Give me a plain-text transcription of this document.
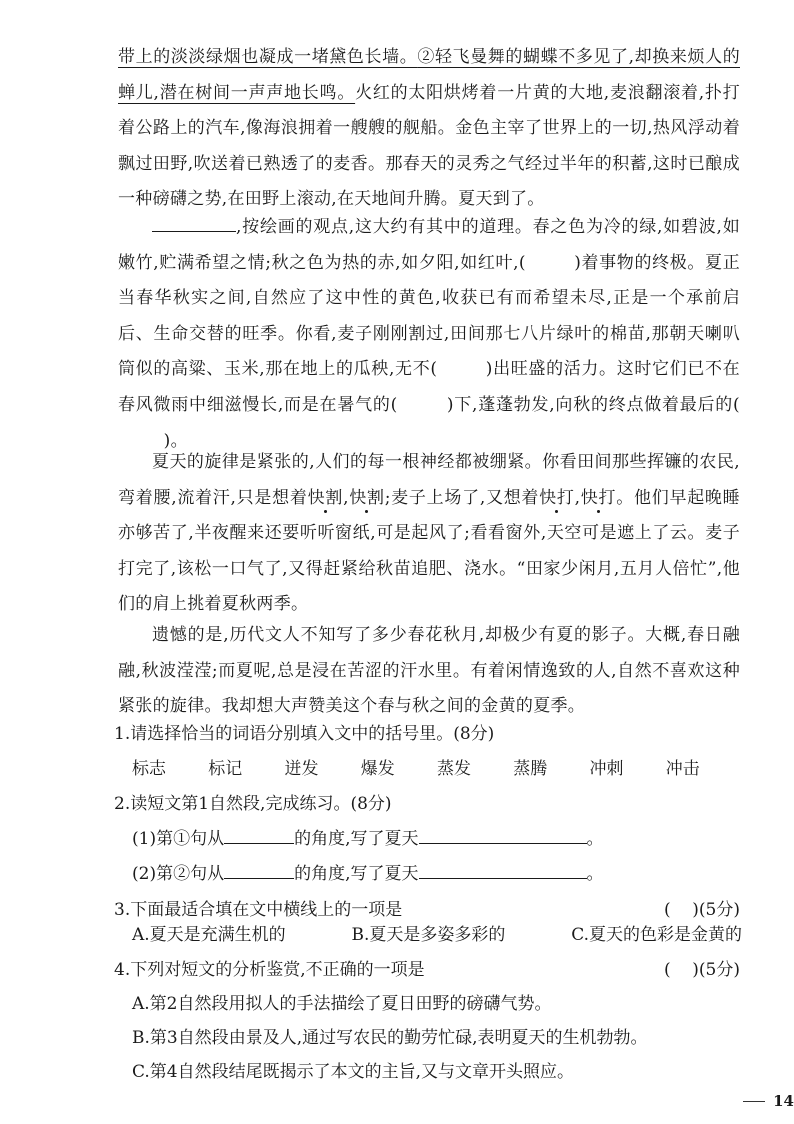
带上的淡淡绿烟也凝成一堵黛色长墙。②轻飞曼舞的蝴蝶不多见了,却换来烦人的蝉儿,潜在树间一声声地长鸣。火红的太阳烘烤着一片黄的大地,麦浪翻滚着,扑打着公路上的汽车,像海浪拥着一艘艘的舰船。金色主宰了世界上的一切,热风浮动着飘过田野,吹送着已熟透了的麦香。那春天的灵秀之气经过半年的积蓄,这时已酿成一种磅礴之势,在田野上滚动,在天地间升腾。夏天到了。
,按绘画的观点,这大约有其中的道理。春之色为冷的绿,如碧波,如嫩竹,贮满希望之情;秋之色为热的赤,如夕阳,如红叶,(	)着事物的终极。夏正当春华秋实之间,自然应了这中性的黄色,收获已有而希望未尽,正是一个承前启后、生命交替的旺季。你看,麦子刚刚割过,田间那七八片绿叶的棉苗,那朝天喇叭筒似的高粱、玉米,那在地上的瓜秧,无不(	)出旺盛的活力。这时它们已不在春风微雨中细滋慢长,而是在暑气的(	)下,蓬蓬勃发,向秋的终点做着最后的(        )。
夏天的旋律是紧张的,人们的每一根神经都被绷紧。你看田间那些挥镰的农民,弯着腰,流着汗,只是想着快割,快割;麦子上场了,又想着快打,快打。他们早起晚睡亦够苦了,半夜醒来还要听听窗纸,可是起风了;看看窗外,天空可是遮上了云。麦子打完了,该松一口气了,又得赶紧给秋苗追肥、浇水。“田家少闲月,五月人倍忙”,他们的肩上挑着夏秋两季。
遗憾的是,历代文人不知写了多少春花秋月,却极少有夏的影子。大概,春日融融,秋波滢滢;而夏呢,总是浸在苦涩的汗水里。有着闲情逸致的人,自然不喜欢这种紧张的旋律。我却想大声赞美这个春与秋之间的金黄的夏季。
1.请选择恰当的词语分别填入文中的括号里。(8分)
标志	标记	迸发	爆发	蒸发	蒸腾	冲刺	冲击
2.读短文第1自然段,完成练习。(8分)
(1)第①句从	的角度,写了夏天	。
(2)第②句从	的角度,写了夏天	。
3.下面最适合填在文中横线上的一项是	(    )(5分)
A.夏天是充满生机的	B.夏天是多姿多彩的	C.夏天的色彩是金黄的
4.下列对短文的分析鉴赏,不正确的一项是	(    )(5分)
A.第2自然段用拟人的手法描绘了夏日田野的磅礴气势。
B.第3自然段由景及人,通过写农民的勤劳忙碌,表明夏天的生机勃勃。
C.第4自然段结尾既揭示了本文的主旨,又与文章开头照应。
14
